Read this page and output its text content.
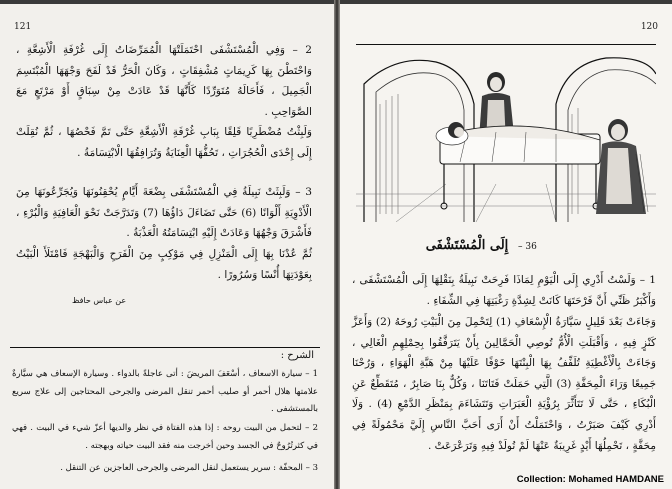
121
2 – وَفِي الْمُسْتَشْفَى احْتَمَلَتْهَا الْمُمَرِّضَاتُ إِلَى غُرْفَةِ الْأَشِعَّةِ ، وَاحْتَطْنَ بِهَا كَرِيمَاتٍ مُشْفِقَاتٍ ، وَكَانَ الْحَرُّ قَدْ لَفَحَ وَجْهَهَا الْمُبْتَسِمَ الْجَمِيلَ ، فَأَحَالَهُ مُتَوَرِّدًا كَأَنَّهَا قَدْ عَادَتْ مِنْ سِبَاقٍ أَوْ مَرْتَعٍ مَعَ الصَّوَاحِبِ .
وَلَبِثْتُ مُضْطَرِبًا قَلِقًا بِبَابِ غُرْفَةِ الْأَشِعَّةِ حَتَّى تَمَّ فَحْصُهَا ، ثُمَّ نُقِلَتْ إِلَى إِحْدَى الْحُجُرَاتِ ، تَحُفُّهَا الْعِنَايَةُ وَتُرَافِقُهَا الْابْتِسَامَةُ .
3 – وَلَبِثَتْ نَبِيلَةُ فِي الْمُسْتَشْفَى بِضْعَةَ أَيَّامٍ يُحْقِنُونَهَا وَيُجَرِّعُونَهَا مِنَ الْأَدْوِيَةِ أَلْوَانًا (6) حَتَّى تَضَاءَلَ دَاؤُهَا (7) وَتَدَرَّجَتْ نَحْوَ الْعَافِيَةِ وَالْبُرْءِ ، فَأَشْرَقَ وَجْهُهَا وَعَادَتْ إِلَيْهِ ابْتِسَامَتُهُ الْعَذْبَةُ .
ثُمَّ عُدْنَا بِهَا إِلَى الْمَنْزِلِ فِي مَوْكِبٍ مِنَ الْفَرَحِ وَالْبَهْجَةِ فَامْتَلَأَ الْبَيْتُ بِعَوْدَتِهَا أُنْسًا وَسُرُورًا .
عن عباس حافظ
الشرح :
1 – سيارة الاسعاف ، أسْعَفَ المريضَ : أتى عاجلةً بالدواء . وسيارة الإسعاف هي سيَّارةٌ علامتها هلال أحمر أو صليب أحمر تنقل المرضى والجرحى المحتاجين إلى علاج سريع بالمستشفى .
2 – لتحمل من البيت روحه : إذا هذه الفتاة في نظر والديها أعزّ شيء في البيت . فهي في كثرتُرُوحٌ في الجسد وحين أخرجت منه فقد البيت حياته وبهجته .
3 – المحفّة : سرير يستعمل لنقل المرضى والجرحى العاجزين عن التنقل .
120
– 36
إِلَى الْمُسْتَشْفَى
1 – وَلَسْتُ أَدْرِي إِلَى الْيَوْمِ لِمَاذَا فَرِحَتْ نَبِيلَةُ بِنَقْلِهَا إِلَى الْمُسْتَشْفَى ، وَأَكْبَرُ ظَنِّي أَنَّ فَرْحَتَهَا كَانَتْ لِشِدَّةِ رَغْبَتِهَا فِي الشِّفَاءِ .
وَجَاءَتْ بَعْدَ قَلِيلٍ سَيَّارَةُ الْإِسْعَافِ (1) لِتَحْمِلَ مِنَ الْبَيْتِ رُوحَهُ (2) وَأَعَزَّ كَنْزٍ فِيهِ ، وَأَقْبَلَتِ الْأُمُّ تُوصِي الْحَمَّالِينَ بِأَنْ يَتَرَفَّقُوا بِحِمْلِهِمِ الْغَالِي ، وَجَاءَتْ بِالْأَغْطِيَةِ تُلَفِّفُ بِهَا الْبِنْتَهَا خَوْفًا عَلَيْهَا مِنْ هَبَّةِ الْهَوَاءِ ، وَرُحْنَا جَمِيعًا وَرَاءَ الْمِحَفَّةِ (3) الَّتِي حَمَلَتْ فَتَاتَنَا ، وَكُلٌّ بِنَا صَابِرٌ ، مُتَقَطِّعٌ عَنِ الْبُكَاءِ ، حَتَّى لَا تَتَأَثَّرَ بِرُؤْيَةِ الْعَبَرَاتِ وَتَتَشَاءَمَ بِمَنْظَرِ الدَّمْعِ (4) . وَلَا أَدْرِي كَيْفَ صَبَرْتُ ، وَاحْتَمَلْتُ أَنْ أَرَى أَحَبَّ النَّاسِ إِلَيَّ مَحْمُولَةً فِي مِحَفَّةٍ ، تَحْمِلُهَا أَيْدٍ غَرِيبَةٌ عَنْهَا لَمْ تُولَدْ فِيهِ وَتَرَعْرَعَتْ .
Collection: Mohamed HAMDANE
